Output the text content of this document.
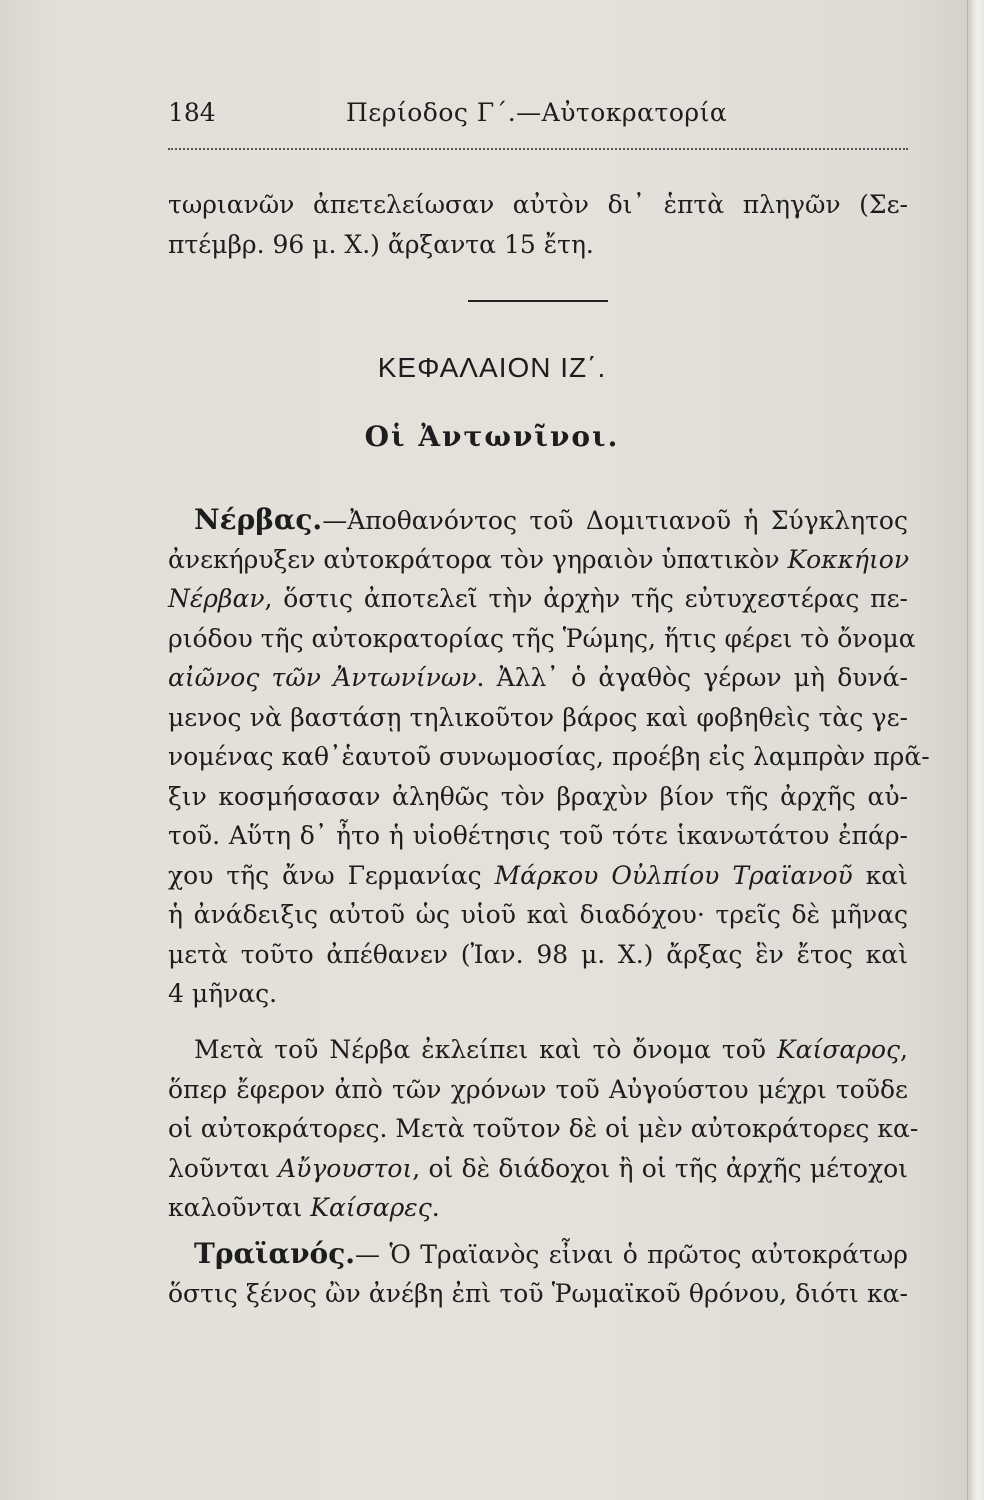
184	Περίοδος Γ΄.—Αὐτοκρατορία
τωριανῶν ἀπετελείωσαν αὐτὸν δι᾽ ἑπτὰ πληγῶν (Σε-
πτέμβρ. 96 μ. Χ.) ἄρξαντα 15 ἔτη.
ΚΕΦΑΛΑΙΟΝ ΙΖ΄.
Οἱ Ἀντωνῖνοι.
Νέρβας.—Ἀποθανόντος τοῦ Δομιτιανοῦ ἡ Σύγκλητος
ἀνεκήρυξεν αὐτοκράτορα τὸν γηραιὸν ὑπατικὸν Κοκκήιον
Νέρβαν, ὅστις ἀποτελεῖ τὴν ἀρχὴν τῆς εὐτυχεστέρας πε-
ριόδου τῆς αὐτοκρατορίας τῆς Ῥώμης, ἥτις φέρει τὸ ὄνομα
αἰῶνος τῶν Ἀντωνίνων. Ἀλλ᾽ ὁ ἀγαθὸς γέρων μὴ δυνά-
μενος νὰ βαστάσῃ τηλικοῦτον βάρος καὶ φοβηθεὶς τὰς γε-
νομένας καθ᾽ἑαυτοῦ συνωμοσίας, προέβη εἰς λαμπρὰν πρᾶ-
ξιν κοσμήσασαν ἀληθῶς τὸν βραχὺν βίον τῆς ἀρχῆς αὐ-
τοῦ. Αὕτη δ᾽ ἦτο ἡ υἱοθέτησις τοῦ τότε ἱκανωτάτου ἐπάρ-
χου τῆς ἄνω Γερμανίας Μάρκου Οὐλπίου Τραϊανοῦ καὶ
ἡ ἀνάδειξις αὐτοῦ ὡς υἱοῦ καὶ διαδόχου· τρεῖς δὲ μῆνας
μετὰ τοῦτο ἀπέθανεν (Ἰαν. 98 μ. Χ.) ἄρξας ἓν ἔτος καὶ
4 μῆνας.
Μετὰ τοῦ Νέρβα ἐκλείπει καὶ τὸ ὄνομα τοῦ Καίσαρος,
ὅπερ ἔφερον ἀπὸ τῶν χρόνων τοῦ Αὐγούστου μέχρι τοῦδε
οἱ αὐτοκράτορες. Μετὰ τοῦτον δὲ οἱ μὲν αὐτοκράτορες κα-
λοῦνται Αὔγουστοι, οἱ δὲ διάδοχοι ἢ οἱ τῆς ἀρχῆς μέτοχοι
καλοῦνται Καίσαρες.
Τραϊανός.— Ὁ Τραϊανὸς εἶναι ὁ πρῶτος αὐτοκράτωρ
ὅστις ξένος ὢν ἀνέβη ἐπὶ τοῦ Ῥωμαϊκοῦ θρόνου, διότι κα-
